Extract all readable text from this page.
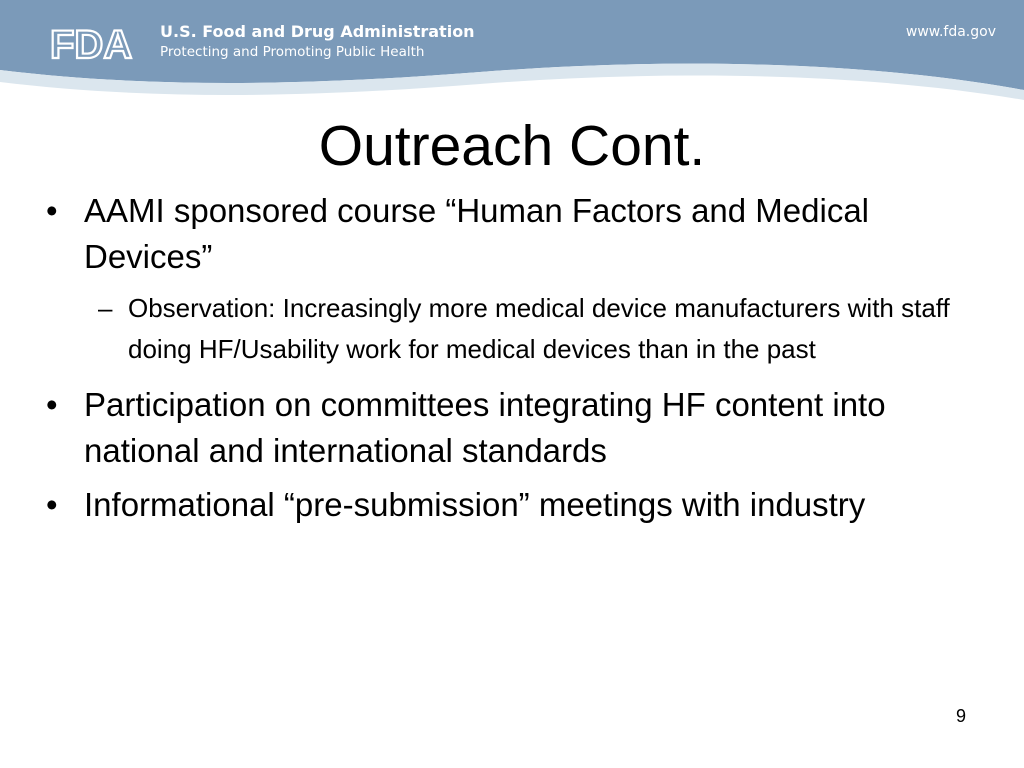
FDA U.S. Food and Drug Administration
Protecting and Promoting Public Health
www.fda.gov
Outreach Cont.
• AAMI sponsored course “Human Factors and Medical Devices”
– Observation: Increasingly more medical device manufacturers with staff doing HF/Usability work for medical devices than in the past
• Participation on committees integrating HF content into national and international standards
• Informational “pre-submission” meetings with industry
9
